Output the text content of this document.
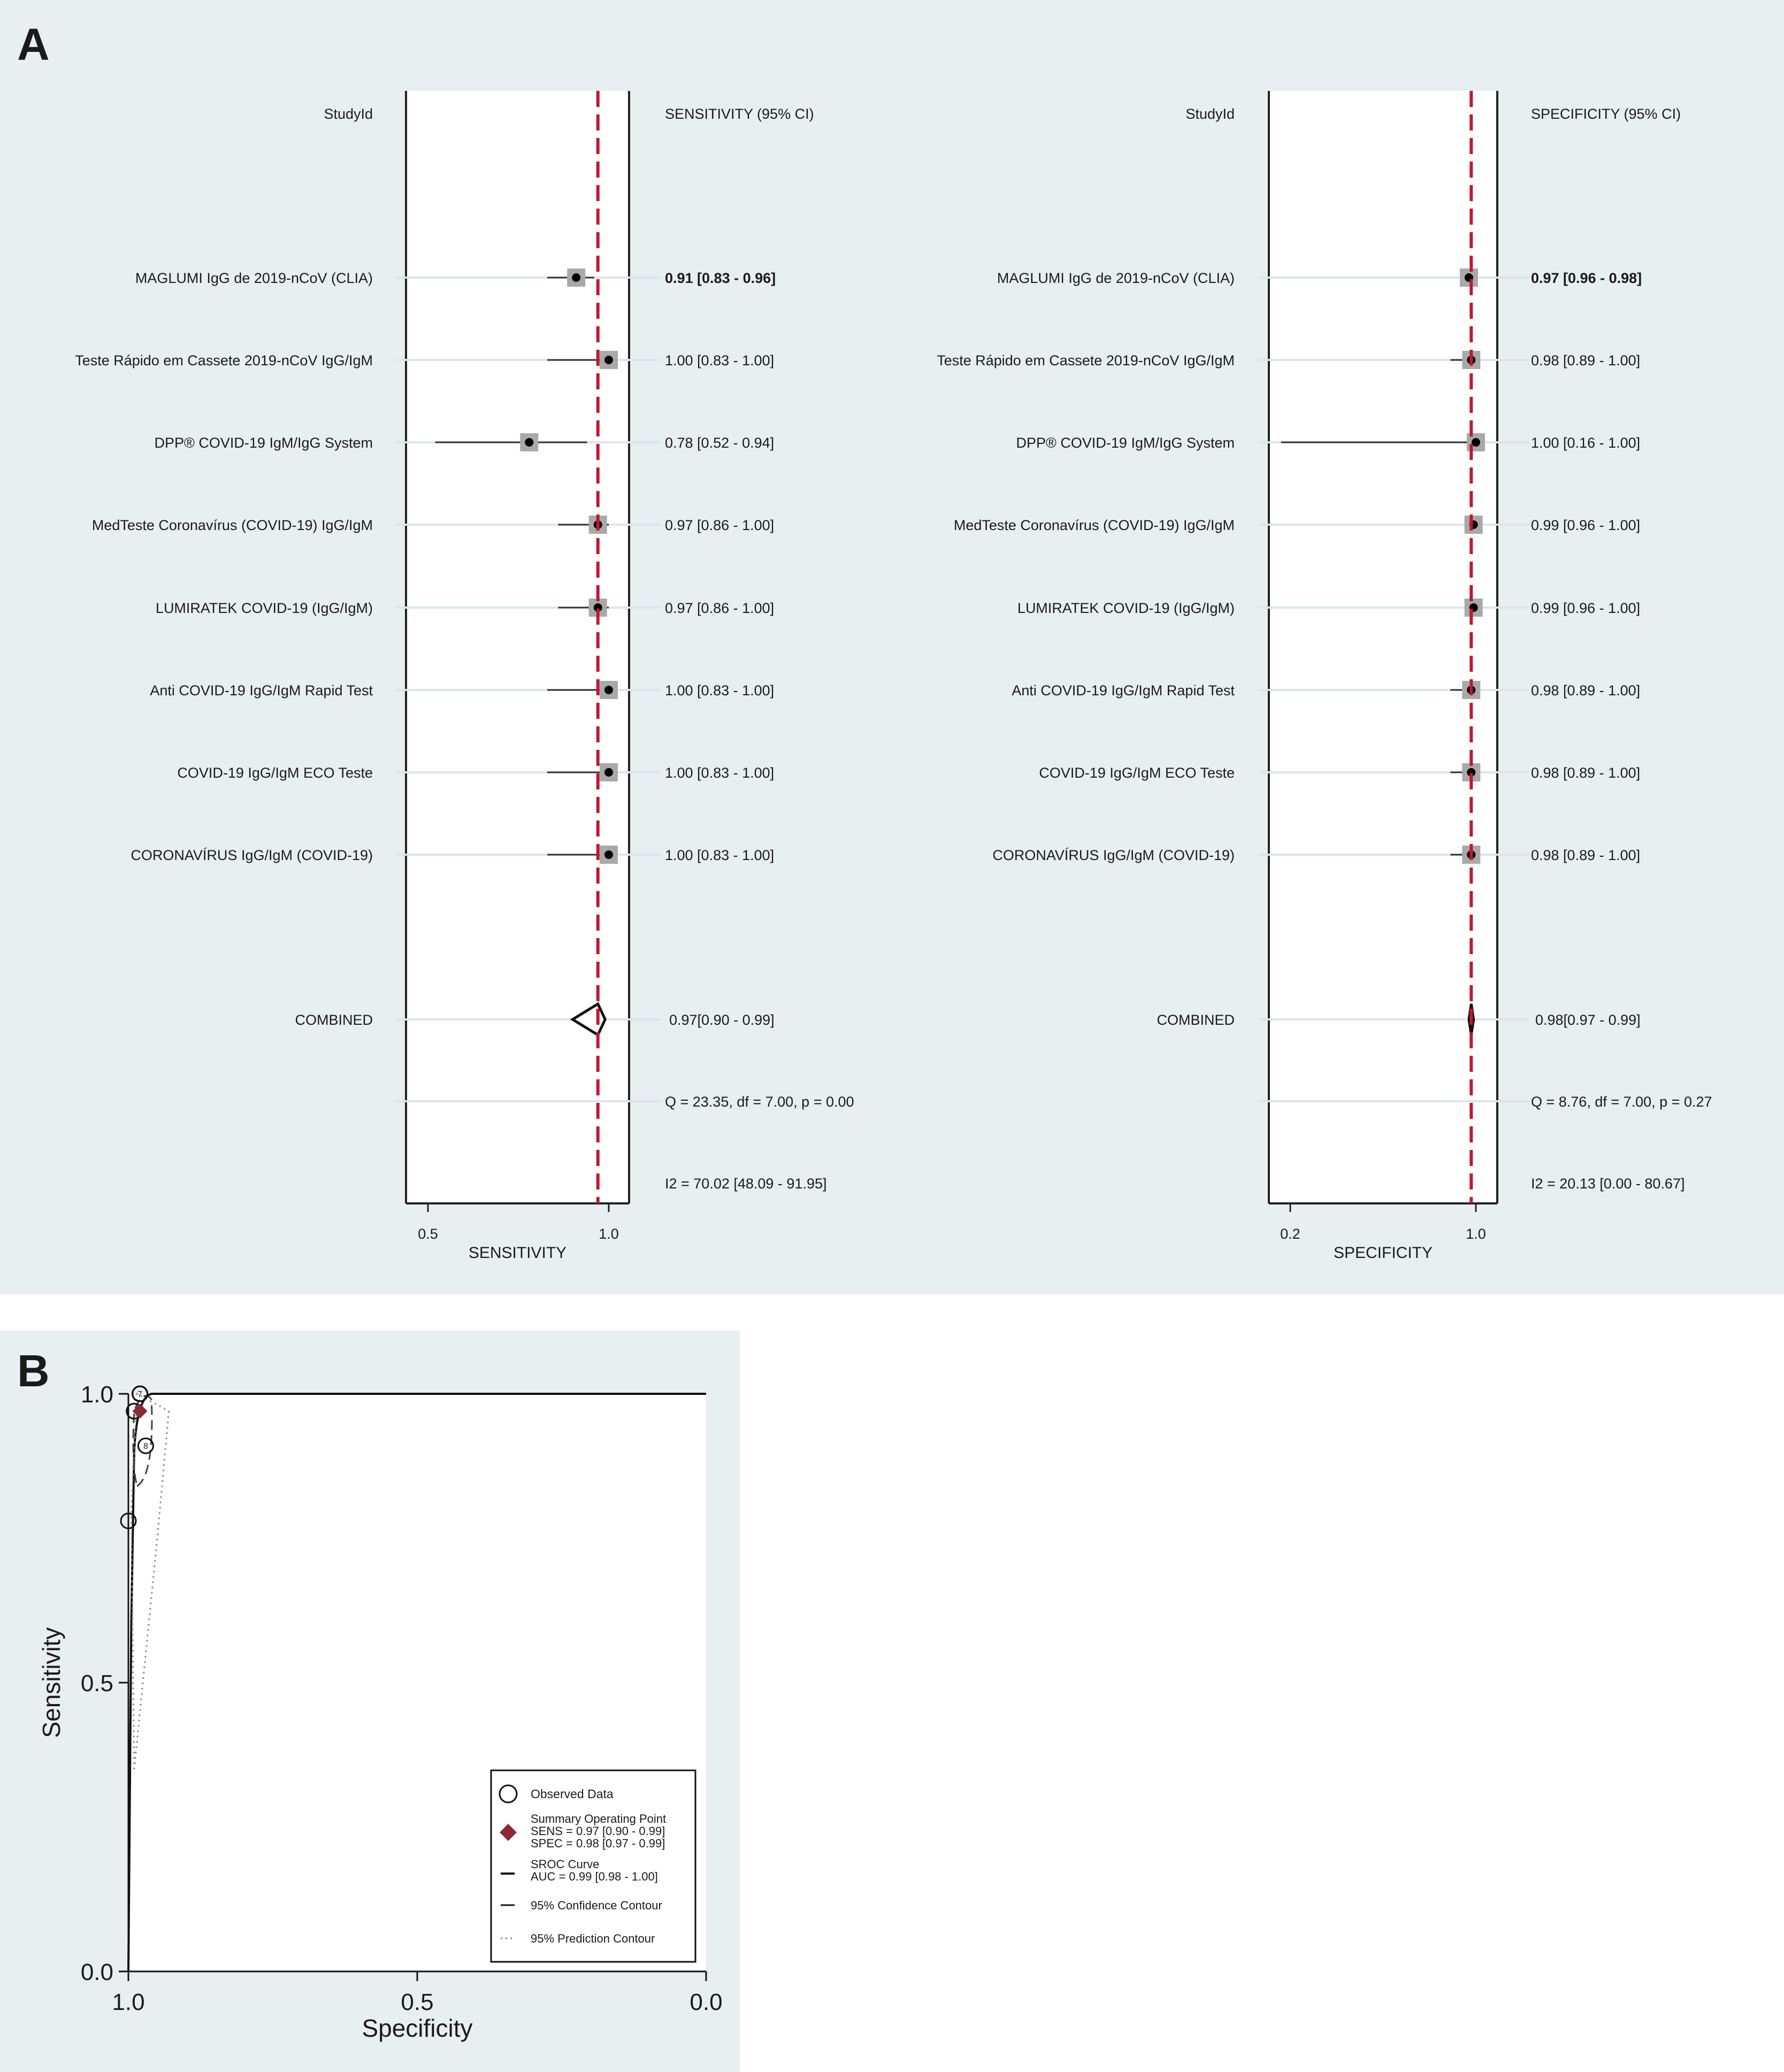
A
B
StudyId	SENSITIVITY (95% CI)
MAGLUMI IgG de 2019-nCoV (CLIA)	0.91 [0.83 - 0.96]
Teste Rápido em Cassete 2019-nCoV IgG/IgM	1.00 [0.83 - 1.00]
DPP® COVID-19 IgM/IgG System	0.78 [0.52 - 0.94]
MedTeste Coronavírus (COVID-19) IgG/IgM	0.97 [0.86 - 1.00]
LUMIRATEK COVID-19 (IgG/IgM)	0.97 [0.86 - 1.00]
Anti COVID-19 IgG/IgM Rapid Test	1.00 [0.83 - 1.00]
COVID-19 IgG/IgM ECO Teste	1.00 [0.83 - 1.00]
CORONAVÍRUS IgG/IgM (COVID-19)	1.00 [0.83 - 1.00]
COMBINED	0.97[0.90 - 0.99]
Q = 23.35, df = 7.00, p = 0.00
I2 = 70.02 [48.09 - 91.95]
0.5	1.0
SENSITIVITY
StudyId	SPECIFICITY (95% CI)
MAGLUMI IgG de 2019-nCoV (CLIA)	0.97 [0.96 - 0.98]
Teste Rápido em Cassete 2019-nCoV IgG/IgM	0.98 [0.89 - 1.00]
DPP® COVID-19 IgM/IgG System	1.00 [0.16 - 1.00]
MedTeste Coronavírus (COVID-19) IgG/IgM	0.99 [0.96 - 1.00]
LUMIRATEK COVID-19 (IgG/IgM)	0.99 [0.96 - 1.00]
Anti COVID-19 IgG/IgM Rapid Test	0.98 [0.89 - 1.00]
COVID-19 IgG/IgM ECO Teste	0.98 [0.89 - 1.00]
CORONAVÍRUS IgG/IgM (COVID-19)	0.98 [0.89 - 1.00]
COMBINED	0.98[0.97 - 0.99]
Q = 8.76, df = 7.00, p = 0.27
I2 = 20.13 [0.00 - 80.67]
0.2	1.0
SPECIFICITY
1.0
0.5
0.0
1.0	0.5	0.0
Specificity
Sensitivity
8
7
Observed Data
Summary Operating Point
SENS = 0.97 [0.90 - 0.99]
SPEC = 0.98 [0.97 - 0.99]
SROC Curve
AUC = 0.99 [0.98 - 1.00]
95% Confidence Contour
95% Prediction Contour
